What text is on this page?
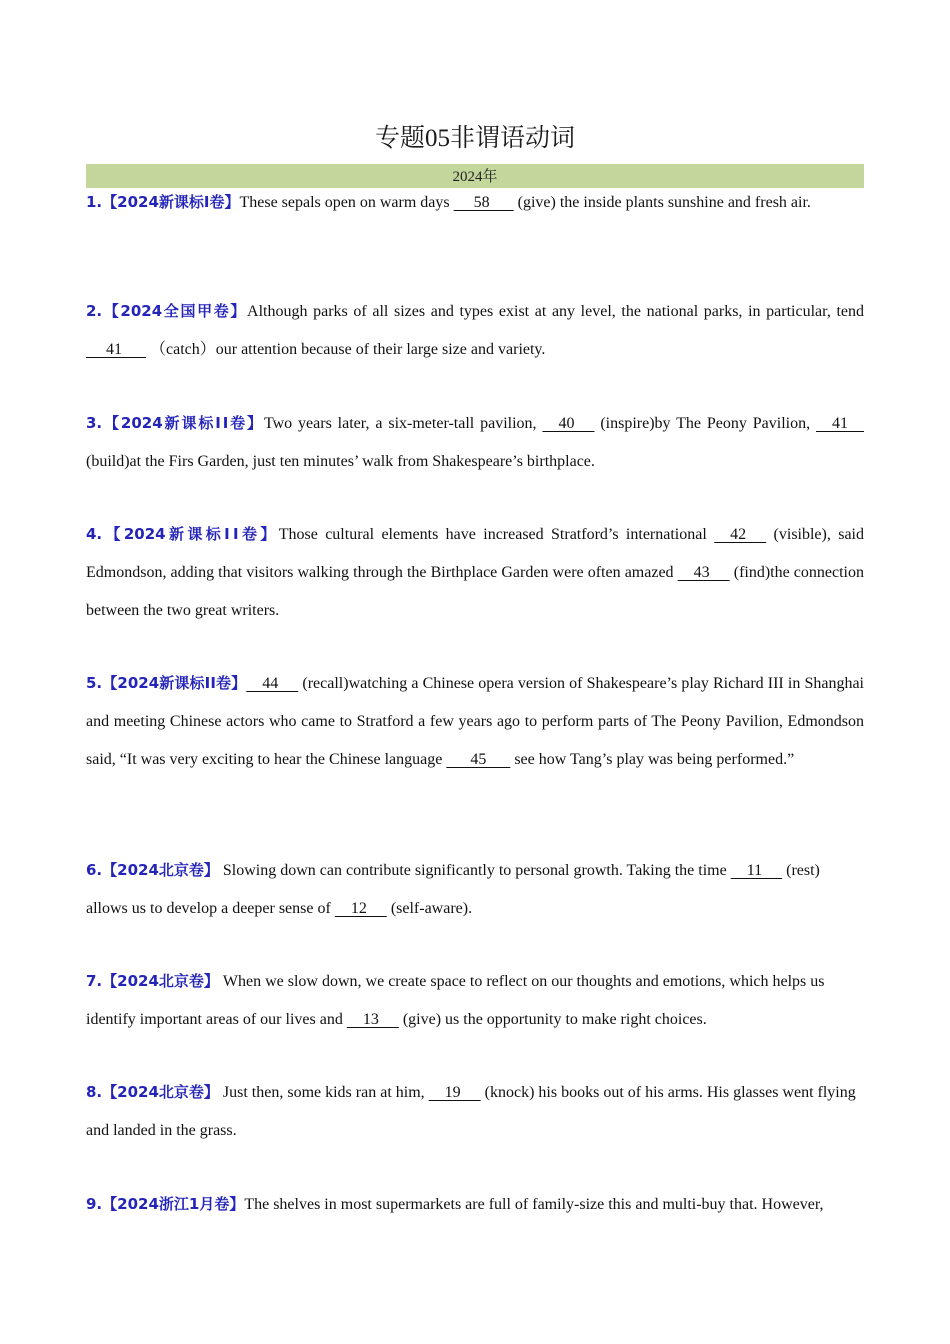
专题05非谓语动词
2024年
1.【2024新课标Ⅰ卷】These sepals open on warm days      58       (give) the inside plants sunshine and fresh air.
2.【2024全国甲卷】Although parks of all sizes and types exist at any level, the national parks, in particular, tend      41       （catch）our attention because of their large size and variety.
3.【2024新课标ⅠⅠ卷】Two years later, a six-meter-tall pavilion,     40      (inspire)by The Peony Pavilion,     41     (build)at the Firs Garden, just ten minutes’ walk from Shakespeare’s birthplace.
4.【2024新课标ⅠⅠ卷】Those cultural elements have increased Stratford’s international     42      (visible), said Edmondson, adding that visitors walking through the Birthplace Garden were often amazed     43      (find)the connection between the two great writers.
5.【2024新课标ⅠⅠ卷】    44      (recall)watching a Chinese opera version of Shakespeare’s play Richard III in Shanghai and meeting Chinese actors who came to Stratford a few years ago to perform parts of The Peony Pavilion, Edmondson said, “It was very exciting to hear the Chinese language       45       see how Tang’s play was being performed.”
6.【2024北京卷】 Slowing down can contribute significantly to personal growth. Taking the time     11      (rest) allows us to develop a deeper sense of     12      (self-aware).
7.【2024北京卷】 When we slow down, we create space to reflect on our thoughts and emotions, which helps us identify important areas of our lives and     13      (give) us the opportunity to make right choices.
8.【2024北京卷】 Just then, some kids ran at him,     19      (knock) his books out of his arms. His glasses went flying and landed in the grass.
9.【2024浙江1月卷】The shelves in most supermarkets are full of family-size this and multi-buy that. However,
